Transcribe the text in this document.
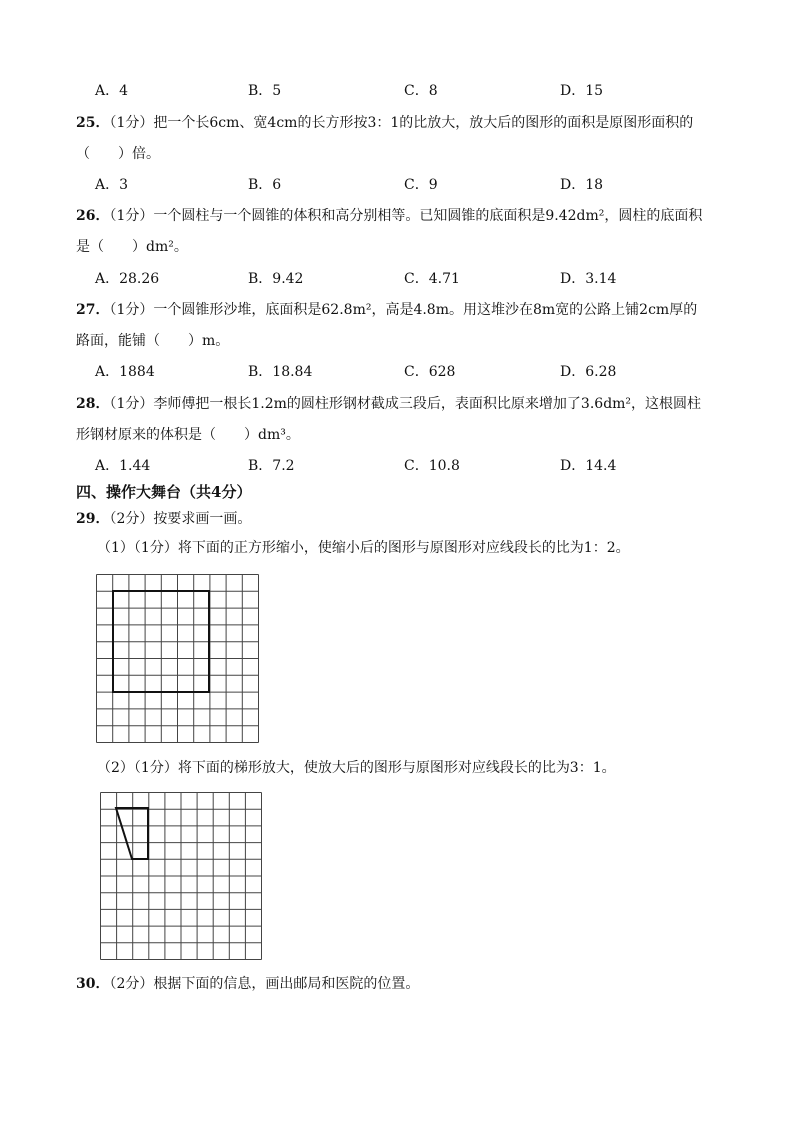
A．4	B．5	C．8	D．15
25．（1分）把一个长6cm、宽4cm的长方形按3：1的比放大，放大后的图形的面积是原图形面积的
（　　）倍。
A．3	B．6	C．9	D．18
26．（1分）一个圆柱与一个圆锥的体积和高分别相等。已知圆锥的底面积是9.42dm²，圆柱的底面积
是（　　）dm²。
A．28.26	B．9.42	C．4.71	D．3.14
27．（1分）一个圆锥形沙堆，底面积是62.8m²，高是4.8m。用这堆沙在8m宽的公路上铺2cm厚的
路面，能铺（　　）m。
A．1884	B．18.84	C．628	D．6.28
28．（1分）李师傅把一根长1.2m的圆柱形钢材截成三段后，表面积比原来增加了3.6dm²，这根圆柱
形钢材原来的体积是（　　）dm³。
A．1.44	B．7.2	C．10.8	D．14.4
四、操作大舞台（共4分）
29．（2分）按要求画一画。
（1）（1分）将下面的正方形缩小，使缩小后的图形与原图形对应线段长的比为1：2。
（2）（1分）将下面的梯形放大，使放大后的图形与原图形对应线段长的比为3：1。
30．（2分）根据下面的信息，画出邮局和医院的位置。
